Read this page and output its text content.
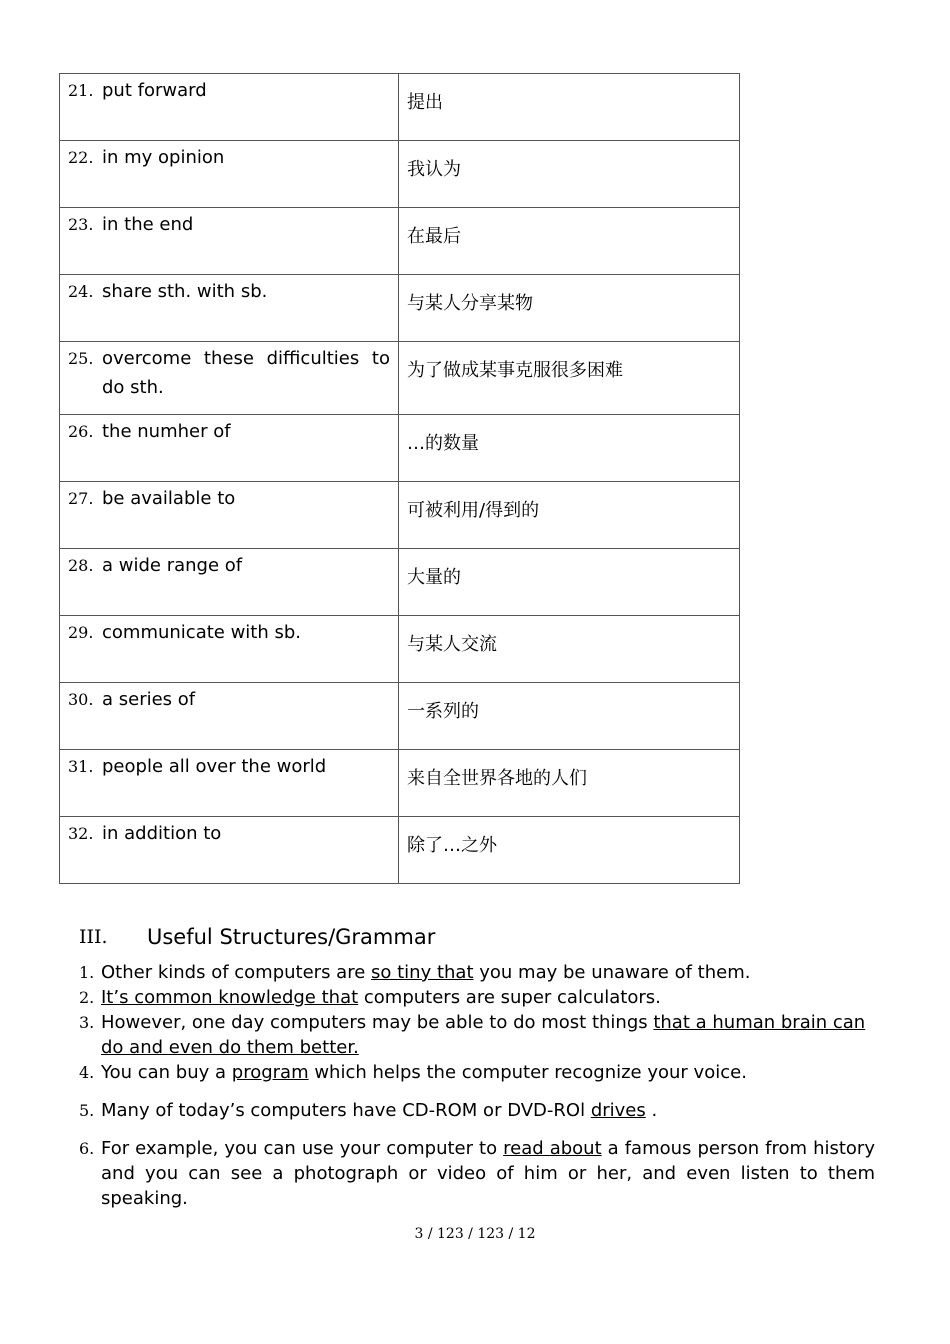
21. put forward	提出

22. in my opinion	我认为

23. in the end	在最后

24. share sth. with sb.	与某人分享某物

25. overcome these difficulties to do sth.	为了做成某事克服很多困难

26. the numher of	…的数量

27. be available to	可被利用/得到的

28. a wide range of	大量的

29. communicate with sb.	与某人交流

30. a series of	一系列的

31. people all over the world	来自全世界各地的人们

32. in addition to	除了…之外
III.	Useful Structures/Grammar
1. Other kinds of computers are so tiny that you may be unaware of them.
2. It’s common knowledge that computers are super calculators.
3. However, one day computers may be able to do most things that a human brain can do and even do them better.
4. You can buy a program which helps the computer recognize your voice.
5. Many of today’s computers have CD-ROM or DVD-ROl drives .
6. For example, you can use your computer to read about a famous person from history and you can see a photograph or video of him or her, and even listen to them speaking.
3 / 123 / 123 / 12
